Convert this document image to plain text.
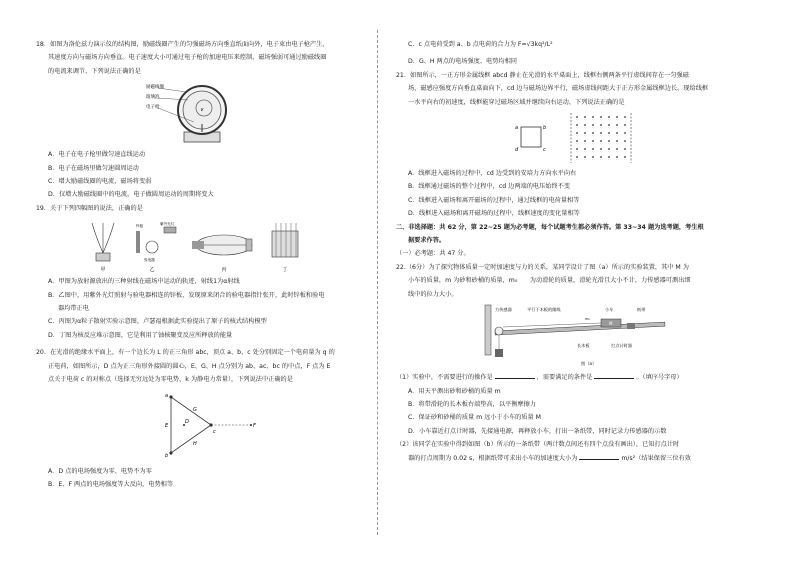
18．如图为洛伦兹力演示仪的结构图，励磁线圈产生的匀强磁场方向垂直纸面向外，电子束由电子枪产生，

其速度方向与磁场方向垂直。电子速度大小可通过电子枪的加速电压来控制，磁场强弱可通过励磁线圈

的电流来调节，下列说法正确的是

v
励磁线圈
玻璃泡
电子枪

A．电子在电子枪里做匀速直线运动

B．电子在磁场里做匀速圆周运动

C．增大励磁线圈的电流，磁场将变弱

D．仅增大励磁线圈中的电流，电子做圆周运动的周期将变大

19．关于下列四幅图的说法，正确的是

甲
锌板
验电器
紫外光灯
乙	丙	丁

A．甲图为放射源放出的三种射线在磁场中运动的轨迹，射线1为α射线

B．乙图中，用紫外光灯照射与验电器相连的锌板，发现原来闭合的验电器指针张开，此时锌板和验电

器均带正电

C．丙图为α粒子散射实验示意图，卢瑟福根据此实验提出了原子的核式结构模型

D．丁图为核反应堆示意图，它是利用了铀核聚变反应所释放的能量

20．在光滑的绝缘水平面上，有一个边长为 L 的正三角形 abc，顶点 a、b、c 处分别固定一个电荷量为 q 的

正电荷，如图所示，D 点为正三角形外接圆的圆心，E、G、H 点分别为 ab、ac、bc 的中点，F 点为 E

点关于电荷 c 的对称点（选择无穷远处为零电势，k 为静电力常量），下列说法中正确的是

a
b
c
E
D
G
H
F

A．D 点的电场强度为零、电势不为零

B．E、F 两点的电场强度等大反向，电势相等

C．c 点电荷受到 a、b 点电荷的合力为 F=√3kq²/L²

D．G、H 两点的电场强度、电势均相同

21．如图所示，一正方形金属线框 abcd 静止在光滑的水平桌面上，线框右侧两条平行虚线间存在一匀强磁

场，磁感应强度方向垂直桌面向下，cd 边与磁场边界平行，磁场虚线间距大于正方形金属线框边长。现给线框

一水平向右的初速度，线框能穿过磁场区域并继续向右运动，下列说法正确的是

a	b
c
d

A．线框进入磁场的过程中，cd 边受到的安培力方向水平向右

B．线框通过磁场的整个过程中，cd 边两端的电压始终不变

C．线框进入磁场和离开磁场的过程中，通过线框的电荷量相等

D．线框进入磁场和离开磁场的过程中，线框速度的变化量相等

二、非选择题：共 62 分，第 22~25 题为必考题，每个试题考生都必须作答。第 33~34 题为选考题，考生根

据要求作答。

（一）必考题：共 47 分。

22.（6分）为了探究物体质量一定时加速度与力的关系，某同学设计了图（a）所示的实验装置，其中 M 为

小车的质量，m 为砂和砂桶的质量，m₀　　为动滑轮的质量，滑轮光滑且大小不计，力传感器可测出细

线中的拉力大小。

力传感器	平行于木板的细线	小车	纸带
长木板	打点计时器
图（a）
m₀
M

（1）实验中，不需要进行的操作是	，需要满足的条件是	。（填序号字母）

A．用天平测出砂和砂桶的质量 m

B．将带滑轮的长木板右端垫高，以平衡摩擦力

C．保证砂和砂桶的质量 m 远小于小车的质量 M

D．小车靠近打点计时器，先接通电源，再释放小车，打出一条纸带，同时记录力传感器的示数

（2）该同学在实验中得到如图（b）所示的一条纸带（两计数点间还有四个点没有画出），已知打点计时

器的打点周期为 0.02 s，根据纸带可求出小车的加速度大小为	m/s²（结果保留三位有效
